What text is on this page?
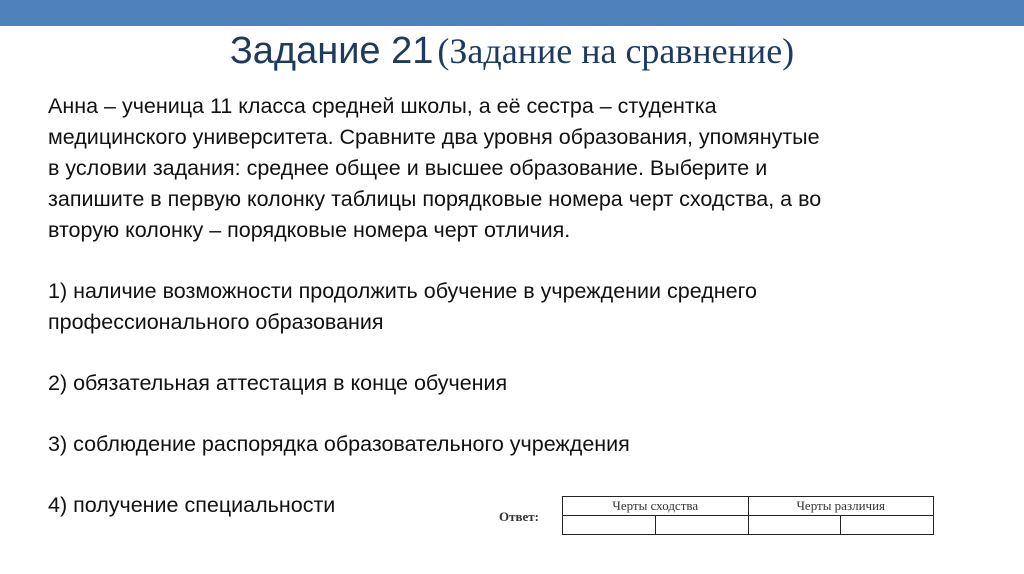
Задание 21 (Задание на сравнение)
Анна – ученица 11 класса средней школы, а её сестра – студентка
медицинского университета. Сравните два уровня образования, упомянутые
в условии задания: среднее общее и высшее образование. Выберите и
запишите в первую колонку таблицы порядковые номера черт сходства, а во
вторую колонку – порядковые номера черт отличия.
1) наличие возможности продолжить обучение в учреждении среднего
профессионального образования
2) обязательная аттестация в конце обучения
3) соблюдение распорядка образовательного учреждения
4) получение специальности	Ответ:
Черты сходства		Черты различия	
